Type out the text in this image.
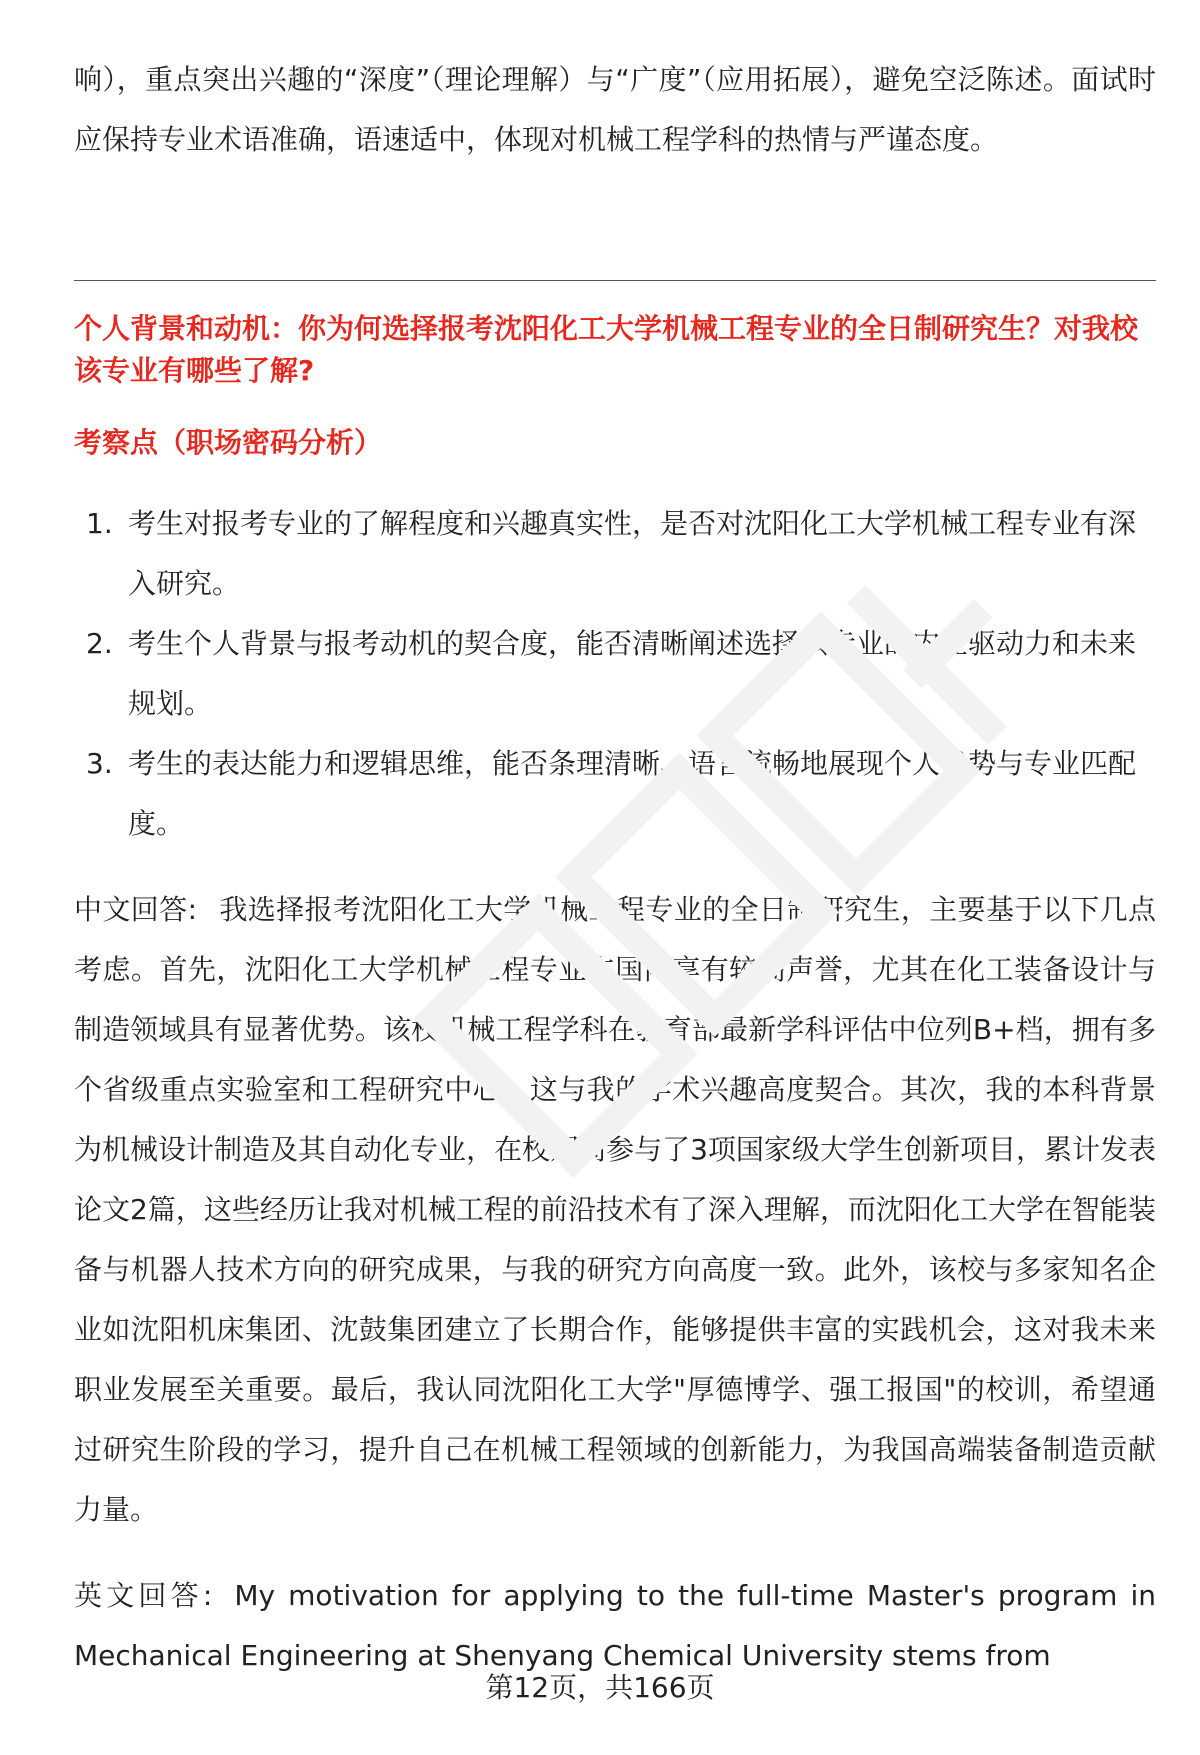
响），重点突出兴趣的“深度”（理论理解）与“广度”（应用拓展），避免空泛陈述。面试时应保持专业术语准确，语速适中，体现对机械工程学科的热情与严谨态度。

个人背景和动机：你为何选择报考沈阳化工大学机械工程专业的全日制研究生？对我校该专业有哪些了解?

考察点（职场密码分析）

1. 考生对报考专业的了解程度和兴趣真实性，是否对沈阳化工大学机械工程专业有深入研究。
2. 考生个人背景与报考动机的契合度，能否清晰阐述选择该专业的内在驱动力和未来规划。
3. 考生的表达能力和逻辑思维，能否条理清晰、语言流畅地展现个人优势与专业匹配度。

中文回答: 我选择报考沈阳化工大学机械工程专业的全日制研究生，主要基于以下几点考虑。首先，沈阳化工大学机械工程专业在国内享有较高声誉，尤其在化工装备设计与制造领域具有显著优势。该校机械工程学科在教育部最新学科评估中位列B+档，拥有多个省级重点实验室和工程研究中心，这与我的学术兴趣高度契合。其次，我的本科背景为机械设计制造及其自动化专业，在校期间参与了3项国家级大学生创新项目，累计发表论文2篇，这些经历让我对机械工程的前沿技术有了深入理解，而沈阳化工大学在智能装备与机器人技术方向的研究成果，与我的研究方向高度一致。此外，该校与多家知名企业如沈阳机床集团、沈鼓集团建立了长期合作，能够提供丰富的实践机会，这对我未来职业发展至关重要。最后，我认同沈阳化工大学"厚德博学、强工报国"的校训，希望通过研究生阶段的学习，提升自己在机械工程领域的创新能力，为我国高端装备制造贡献力量。

英文回答: My motivation for applying to the full-time Master's program in Mechanical Engineering at Shenyang Chemical University stems from

第12页，共166页
